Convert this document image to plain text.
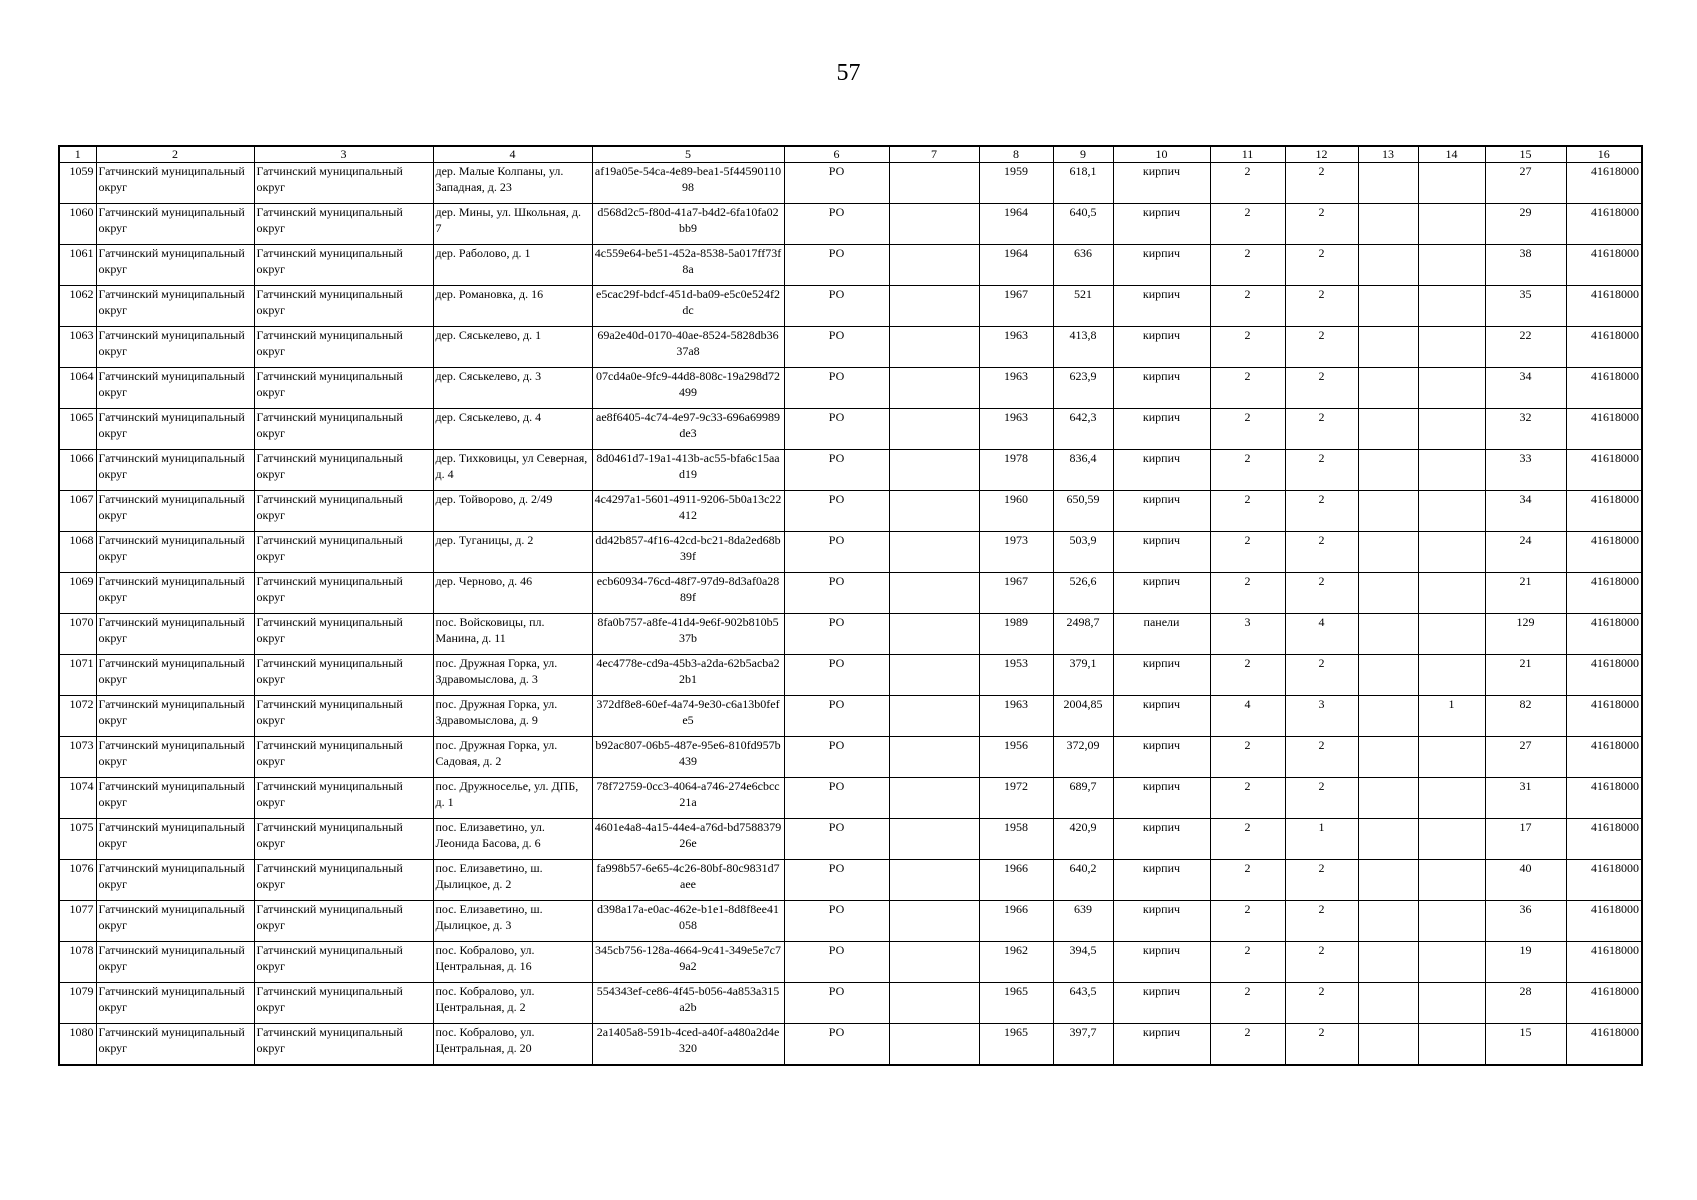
57
1	2	3	4	5	6	7	8	9	10	11	12	13	14	15	16
1059	Гатчинский муниципальный округ	Гатчинский муниципальный округ	дер. Малые Колпаны, ул. Западная, д. 23	af19a05e-54ca-4e89-bea1-5f4459011098	РО		1959	618,1	кирпич	2	2			27	41618000
1060	Гатчинский муниципальный округ	Гатчинский муниципальный округ	дер. Мины, ул. Школьная, д. 7	d568d2c5-f80d-41a7-b4d2-6fa10fa02bb9	РО		1964	640,5	кирпич	2	2			29	41618000
1061	Гатчинский муниципальный округ	Гатчинский муниципальный округ	дер. Раболово, д. 1	4c559e64-be51-452a-8538-5a017ff73f8a	РО		1964	636	кирпич	2	2			38	41618000
1062	Гатчинский муниципальный округ	Гатчинский муниципальный округ	дер. Романовка, д. 16	e5cac29f-bdcf-451d-ba09-e5c0e524f2dc	РО		1967	521	кирпич	2	2			35	41618000
1063	Гатчинский муниципальный округ	Гатчинский муниципальный округ	дер. Сяськелево, д. 1	69a2e40d-0170-40ae-8524-5828db3637a8	РО		1963	413,8	кирпич	2	2			22	41618000
1064	Гатчинский муниципальный округ	Гатчинский муниципальный округ	дер. Сяськелево, д. 3	07cd4a0e-9fc9-44d8-808c-19a298d72499	РО		1963	623,9	кирпич	2	2			34	41618000
1065	Гатчинский муниципальный округ	Гатчинский муниципальный округ	дер. Сяськелево, д. 4	ae8f6405-4c74-4e97-9c33-696a69989de3	РО		1963	642,3	кирпич	2	2			32	41618000
1066	Гатчинский муниципальный округ	Гатчинский муниципальный округ	дер. Тихковицы, ул Северная, д. 4	8d0461d7-19a1-413b-ac55-bfa6c15aad19	РО		1978	836,4	кирпич	2	2			33	41618000
1067	Гатчинский муниципальный округ	Гатчинский муниципальный округ	дер. Тойворово, д. 2/49	4c4297a1-5601-4911-9206-5b0a13c22412	РО		1960	650,59	кирпич	2	2			34	41618000
1068	Гатчинский муниципальный округ	Гатчинский муниципальный округ	дер. Туганицы, д. 2	dd42b857-4f16-42cd-bc21-8da2ed68b39f	РО		1973	503,9	кирпич	2	2			24	41618000
1069	Гатчинский муниципальный округ	Гатчинский муниципальный округ	дер. Черново, д. 46	ecb60934-76cd-48f7-97d9-8d3af0a2889f	РО		1967	526,6	кирпич	2	2			21	41618000
1070	Гатчинский муниципальный округ	Гатчинский муниципальный округ	пос. Войсковицы, пл. Манина, д. 11	8fa0b757-a8fe-41d4-9e6f-902b810b537b	РО		1989	2498,7	панели	3	4			129	41618000
1071	Гатчинский муниципальный округ	Гатчинский муниципальный округ	пос. Дружная Горка, ул. Здравомыслова, д. 3	4ec4778e-cd9a-45b3-a2da-62b5acba22b1	РО		1953	379,1	кирпич	2	2			21	41618000
1072	Гатчинский муниципальный округ	Гатчинский муниципальный округ	пос. Дружная Горка, ул. Здравомыслова, д. 9	372df8e8-60ef-4a74-9e30-c6a13b0fefe5	РО		1963	2004,85	кирпич	4	3		1	82	41618000
1073	Гатчинский муниципальный округ	Гатчинский муниципальный округ	пос. Дружная Горка, ул. Садовая, д. 2	b92ac807-06b5-487e-95e6-810fd957b439	РО		1956	372,09	кирпич	2	2			27	41618000
1074	Гатчинский муниципальный округ	Гатчинский муниципальный округ	пос. Дружноселье, ул. ДПБ, д. 1	78f72759-0cc3-4064-a746-274e6cbcc21a	РО		1972	689,7	кирпич	2	2			31	41618000
1075	Гатчинский муниципальный округ	Гатчинский муниципальный округ	пос. Елизаветино, ул. Леонида Басова, д. 6	4601e4a8-4a15-44e4-a76d-bd758837926e	РО		1958	420,9	кирпич	2	1			17	41618000
1076	Гатчинский муниципальный округ	Гатчинский муниципальный округ	пос. Елизаветино, ш. Дылицкое, д. 2	fa998b57-6e65-4c26-80bf-80c9831d7aee	РО		1966	640,2	кирпич	2	2			40	41618000
1077	Гатчинский муниципальный округ	Гатчинский муниципальный округ	пос. Елизаветино, ш. Дылицкое, д. 3	d398a17a-e0ac-462e-b1e1-8d8f8ee41058	РО		1966	639	кирпич	2	2			36	41618000
1078	Гатчинский муниципальный округ	Гатчинский муниципальный округ	пос. Кобралово, ул. Центральная, д. 16	345cb756-128a-4664-9c41-349e5e7c79a2	РО		1962	394,5	кирпич	2	2			19	41618000
1079	Гатчинский муниципальный округ	Гатчинский муниципальный округ	пос. Кобралово, ул. Центральная, д. 2	554343ef-ce86-4f45-b056-4a853a315a2b	РО		1965	643,5	кирпич	2	2			28	41618000
1080	Гатчинский муниципальный округ	Гатчинский муниципальный округ	пос. Кобралово, ул. Центральная, д. 20	2a1405a8-591b-4ced-a40f-a480a2d4e320	РО		1965	397,7	кирпич	2	2			15	41618000
